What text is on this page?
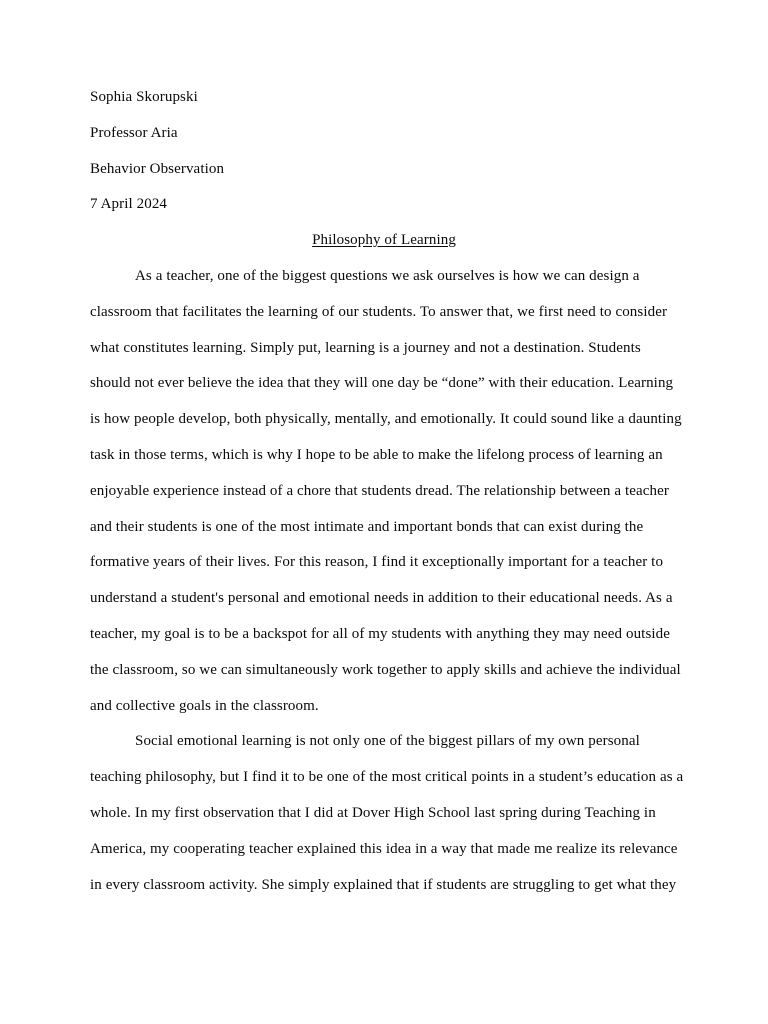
Sophia Skorupski
Professor Aria
Behavior Observation
7 April 2024
Philosophy of Learning
As a teacher, one of the biggest questions we ask ourselves is how we can design a
classroom that facilitates the learning of our students. To answer that, we first need to consider
what constitutes learning. Simply put, learning is a journey and not a destination. Students
should not ever believe the idea that they will one day be “done” with their education. Learning
is how people develop, both physically, mentally, and emotionally. It could sound like a daunting
task in those terms, which is why I hope to be able to make the lifelong process of learning an
enjoyable experience instead of a chore that students dread. The relationship between a teacher
and their students is one of the most intimate and important bonds that can exist during the
formative years of their lives. For this reason, I find it exceptionally important for a teacher to
understand a student's personal and emotional needs in addition to their educational needs. As a
teacher, my goal is to be a backspot for all of my students with anything they may need outside
the classroom, so we can simultaneously work together to apply skills and achieve the individual
and collective goals in the classroom.
Social emotional learning is not only one of the biggest pillars of my own personal
teaching philosophy, but I find it to be one of the most critical points in a student’s education as a
whole. In my first observation that I did at Dover High School last spring during Teaching in
America, my cooperating teacher explained this idea in a way that made me realize its relevance
in every classroom activity. She simply explained that if students are struggling to get what they
